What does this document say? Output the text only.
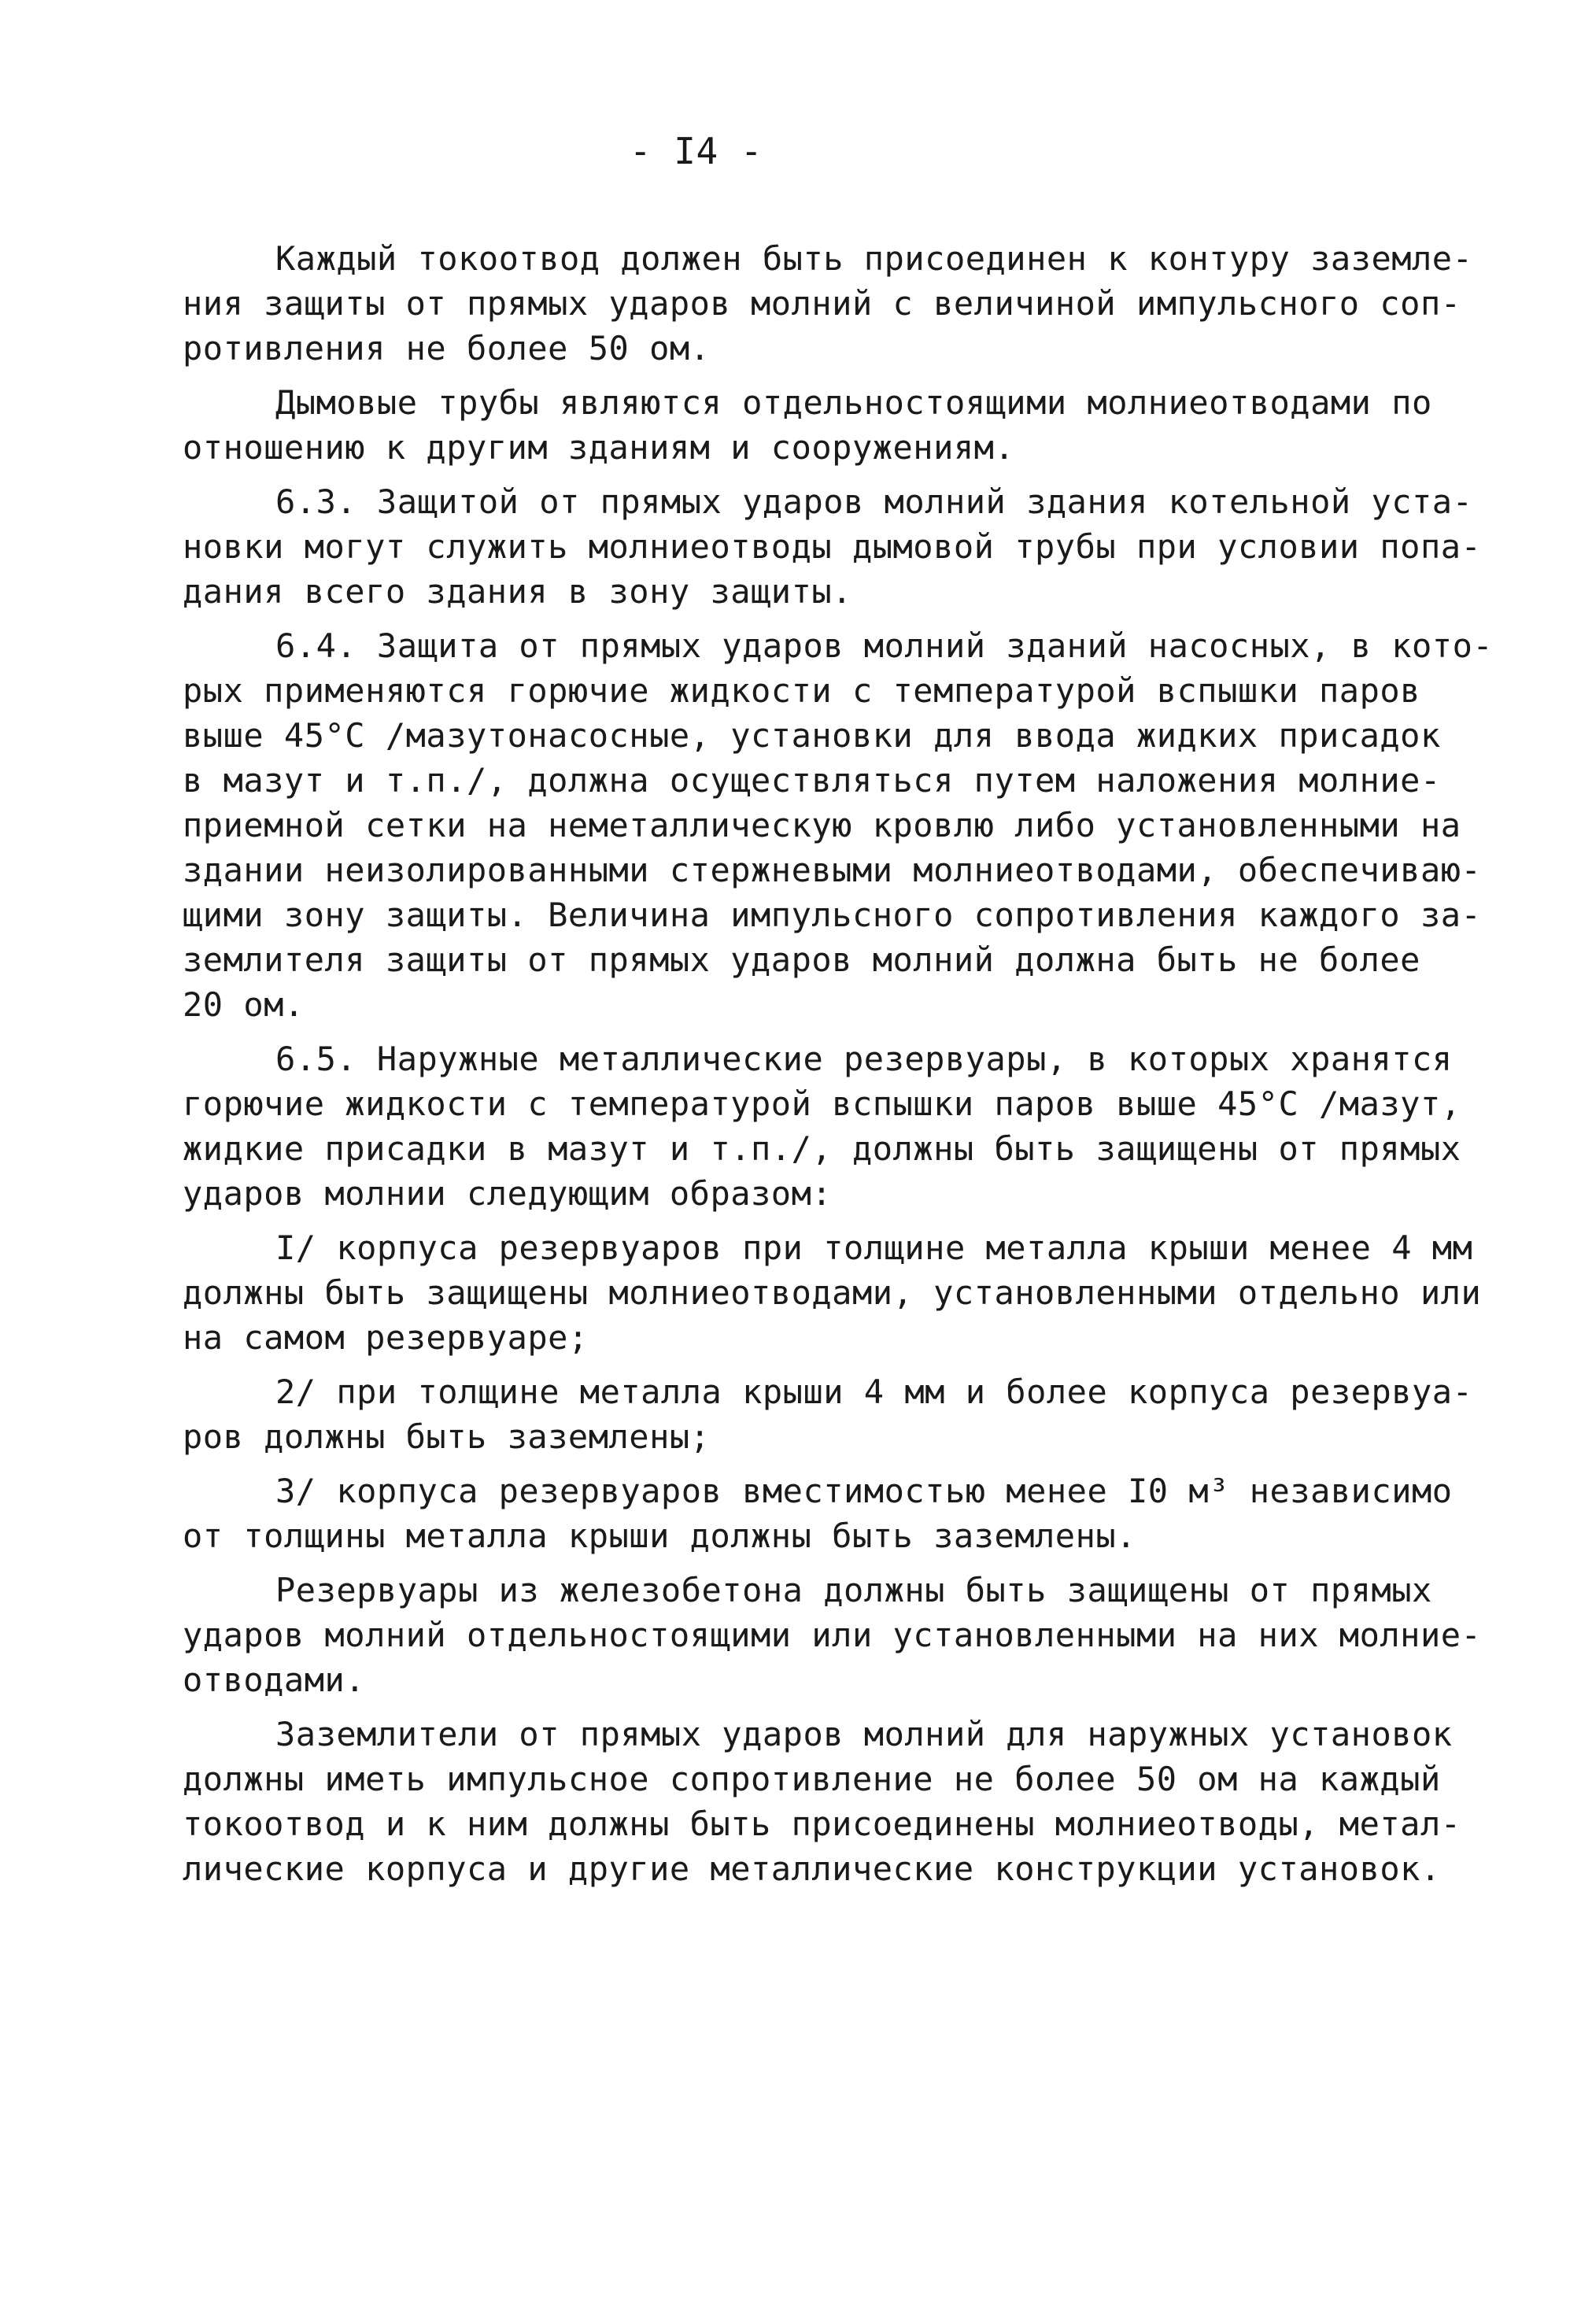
- I4 -
Каждый токоотвод должен быть присоединен к контуру заземле-
ния защиты от прямых ударов молний с величиной импульсного соп-
ротивления не более 50 ом.
Дымовые трубы являются отдельностоящими молниеотводами по
отношению к другим зданиям и сооружениям.
6.3. Защитой от прямых ударов молний здания котельной уста-
новки могут служить молниеотводы дымовой трубы при условии попа-
дания всего здания в зону защиты.
6.4. Защита от прямых ударов молний зданий насосных, в кото-
рых применяются горючие жидкости с температурой вспышки паров
выше 45°С /мазутонасосные, установки для ввода жидких присадок
в мазут и т.п./, должна осуществляться путем наложения молние-
приемной сетки на неметаллическую кровлю либо установленными на
здании неизолированными стержневыми молниеотводами, обеспечиваю-
щими зону защиты. Величина импульсного сопротивления каждого за-
землителя защиты от прямых ударов молний должна быть не более
20 ом.
6.5. Наружные металлические резервуары, в которых хранятся
горючие жидкости с температурой вспышки паров выше 45°С /мазут,
жидкие присадки в мазут и т.п./, должны быть защищены от прямых
ударов молнии следующим образом:
I/ корпуса резервуаров при толщине металла крыши менее 4 мм
должны быть защищены молниеотводами, установленными отдельно или
на самом резервуаре;
2/ при толщине металла крыши 4 мм и более корпуса резервуа-
ров должны быть заземлены;
3/ корпуса резервуаров вместимостью менее I0 м³ независимо
от толщины металла крыши должны быть заземлены.
Резервуары из железобетона должны быть защищены от прямых
ударов молний отдельностоящими или установленными на них молние-
отводами.
Заземлители от прямых ударов молний для наружных установок
должны иметь импульсное сопротивление не более 50 ом на каждый
токоотвод и к ним должны быть присоединены молниеотводы, метал-
лические корпуса и другие металлические конструкции установок.
